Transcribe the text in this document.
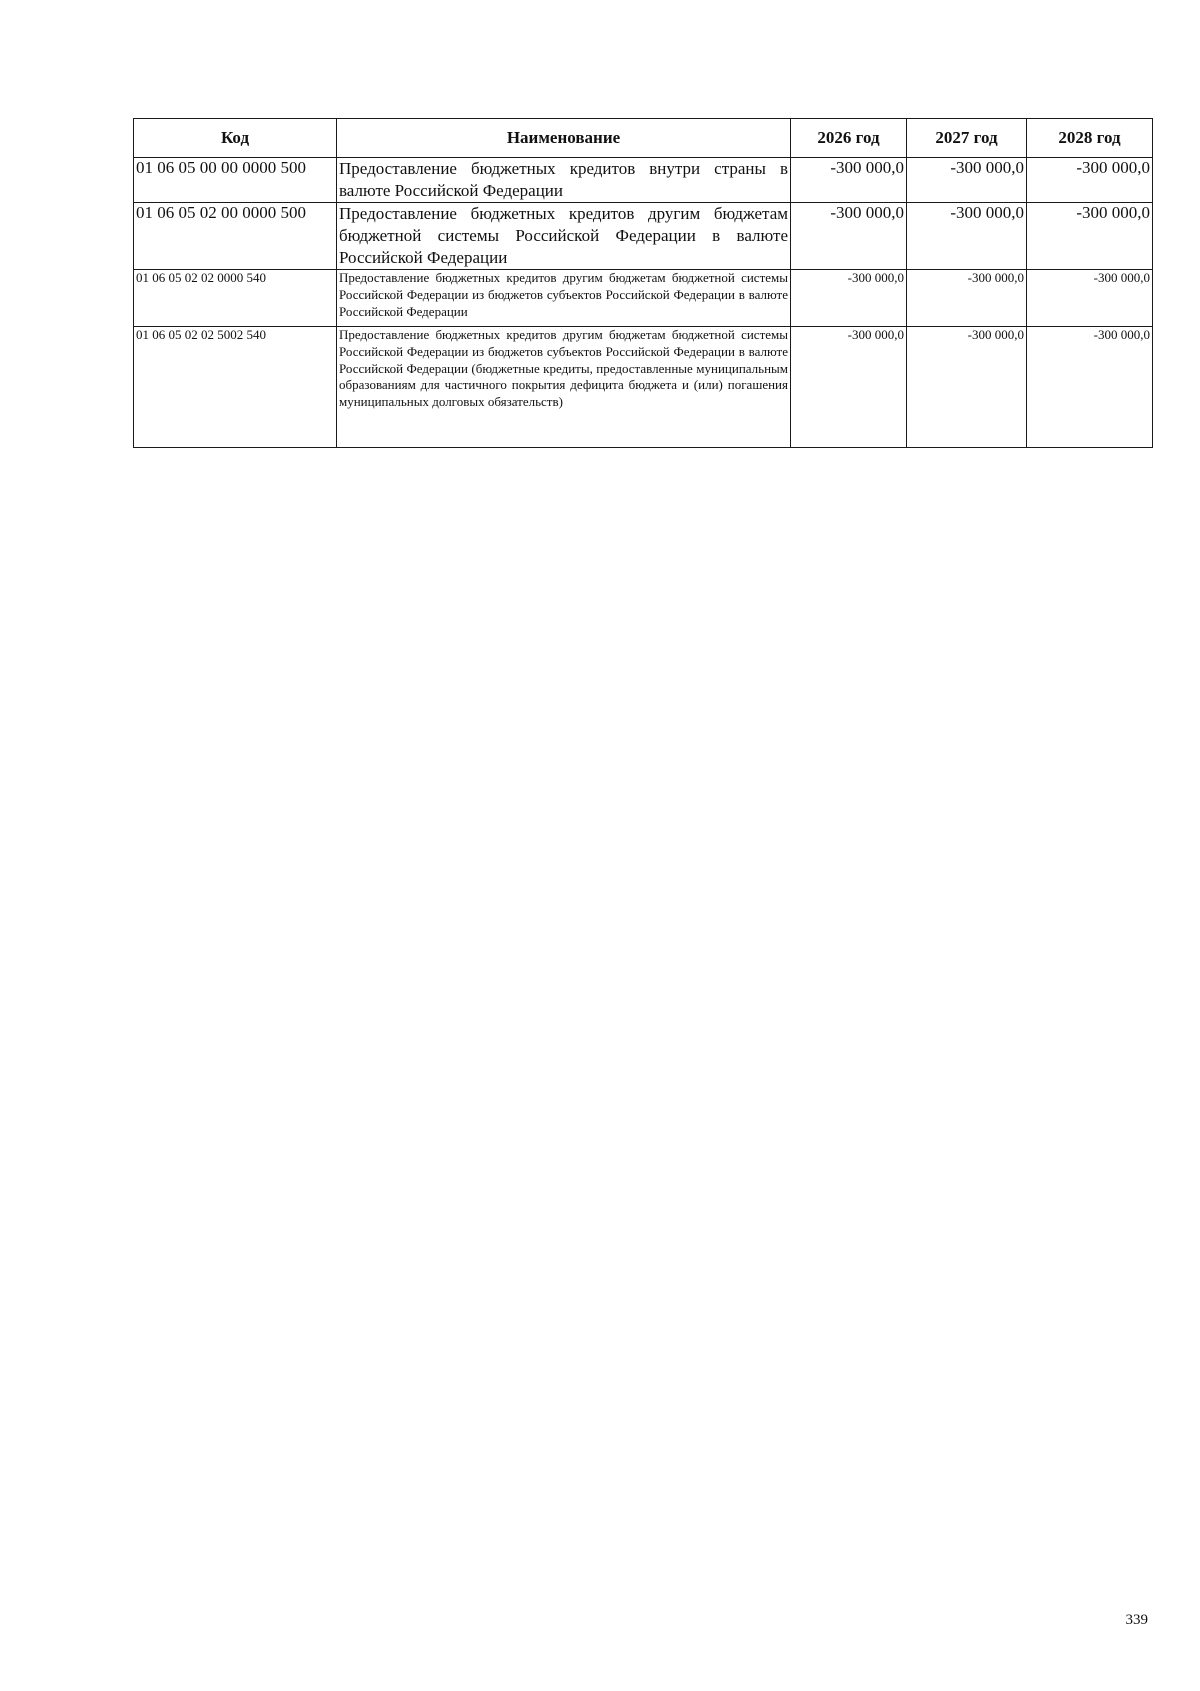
Код	Наименование	2026 год	2027 год	2028 год
01 06 05 00 00 0000 500	Предоставление бюджетных кредитов внутри страны в валюте Российской Федерации	-300 000,0	-300 000,0	-300 000,0
01 06 05 02 00 0000 500	Предоставление бюджетных кредитов другим бюджетам бюджетной системы Российской Федерации в валюте Российской Федерации	-300 000,0	-300 000,0	-300 000,0
01 06 05 02 02 0000 540	Предоставление бюджетных кредитов другим бюджетам бюджетной системы Российской Федерации из бюджетов субъектов Российской Федерации в валюте Российской Федерации	-300 000,0	-300 000,0	-300 000,0
01 06 05 02 02 5002 540	Предоставление бюджетных кредитов другим бюджетам бюджетной системы Российской Федерации из бюджетов субъектов Российской Федерации в валюте Российской Федерации (бюджетные кредиты, предоставленные муниципальным образованиям для частичного покрытия дефицита бюджета и (или) погашения муниципальных долговых обязательств)	-300 000,0	-300 000,0	-300 000,0
339
